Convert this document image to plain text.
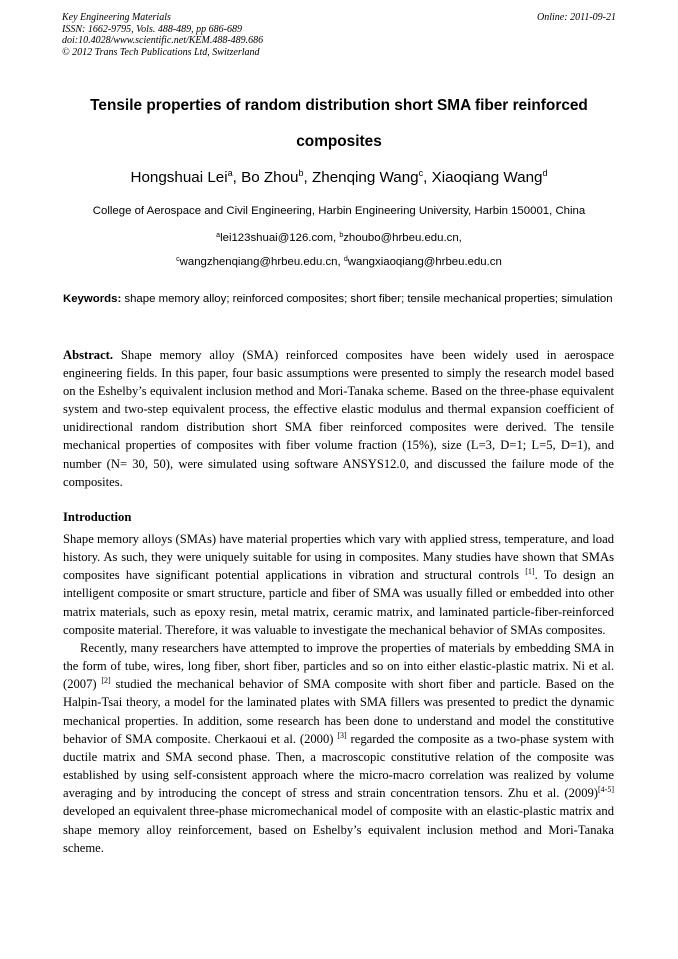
Key Engineering Materials
ISSN: 1662-9795, Vols. 488-489, pp 686-689
doi:10.4028/www.scientific.net/KEM.488-489.686
© 2012 Trans Tech Publications Ltd, Switzerland
Online: 2011-09-21
Tensile properties of random distribution short SMA fiber reinforced
composites
Hongshuai Lei$^a$, Bo Zhou$^b$, Zhenqing Wang$^c$, Xiaoqiang Wang$^d$
College of Aerospace and Civil Engineering, Harbin Engineering University, Harbin 150001, China
$^a$lei123shuai@126.com, $^b$zhoubo@hrbeu.edu.cn,
$^c$wangzhenqiang@hrbeu.edu.cn, $^d$wangxiaoqiang@hrbeu.edu.cn
Keywords: shape memory alloy; reinforced composites; short fiber; tensile mechanical properties; simulation
Abstract. Shape memory alloy (SMA) reinforced composites have been widely used in aerospace engineering fields. In this paper, four basic assumptions were presented to simply the research model based on the Eshelby’s equivalent inclusion method and Mori-Tanaka scheme. Based on the three-phase equivalent system and two-step equivalent process, the effective elastic modulus and thermal expansion coefficient of unidirectional random distribution short SMA fiber reinforced composites were derived. The tensile mechanical properties of composites with fiber volume fraction (15%), size (L=3, D=1; L=5, D=1), and number (N= 30, 50), were simulated using software ANSYS12.0, and discussed the failure mode of the composites.
Introduction

Shape memory alloys (SMAs) have material properties which vary with applied stress, temperature, and load history. As such, they were uniquely suitable for using in composites. Many studies have shown that SMAs composites have significant potential applications in vibration and structural controls [1]. To design an intelligent composite or smart structure, particle and fiber of SMA was usually filled or embedded into other matrix materials, such as epoxy resin, metal matrix, ceramic matrix, and laminated particle-fiber-reinforced composite material. Therefore, it was valuable to investigate the mechanical behavior of SMAs composites.

Recently, many researchers have attempted to improve the properties of materials by embedding SMA in the form of tube, wires, long fiber, short fiber, particles and so on into either elastic-plastic matrix. Ni et al. (2007) [2] studied the mechanical behavior of SMA composite with short fiber and particle. Based on the Halpin-Tsai theory, a model for the laminated plates with SMA fillers was presented to predict the dynamic mechanical properties. In addition, some research has been done to understand and model the constitutive behavior of SMA composite. Cherkaoui et al. (2000) [3] regarded the composite as a two-phase system with ductile matrix and SMA second phase. Then, a macroscopic constitutive relation of the composite was established by using self-consistent approach where the micro-macro correlation was realized by volume averaging and by introducing the concept of stress and strain concentration tensors. Zhu et al. (2009)[4-5] developed an equivalent three-phase micromechanical model of composite with an elastic-plastic matrix and shape memory alloy reinforcement, based on Eshelby’s equivalent inclusion method and Mori-Tanaka scheme.
